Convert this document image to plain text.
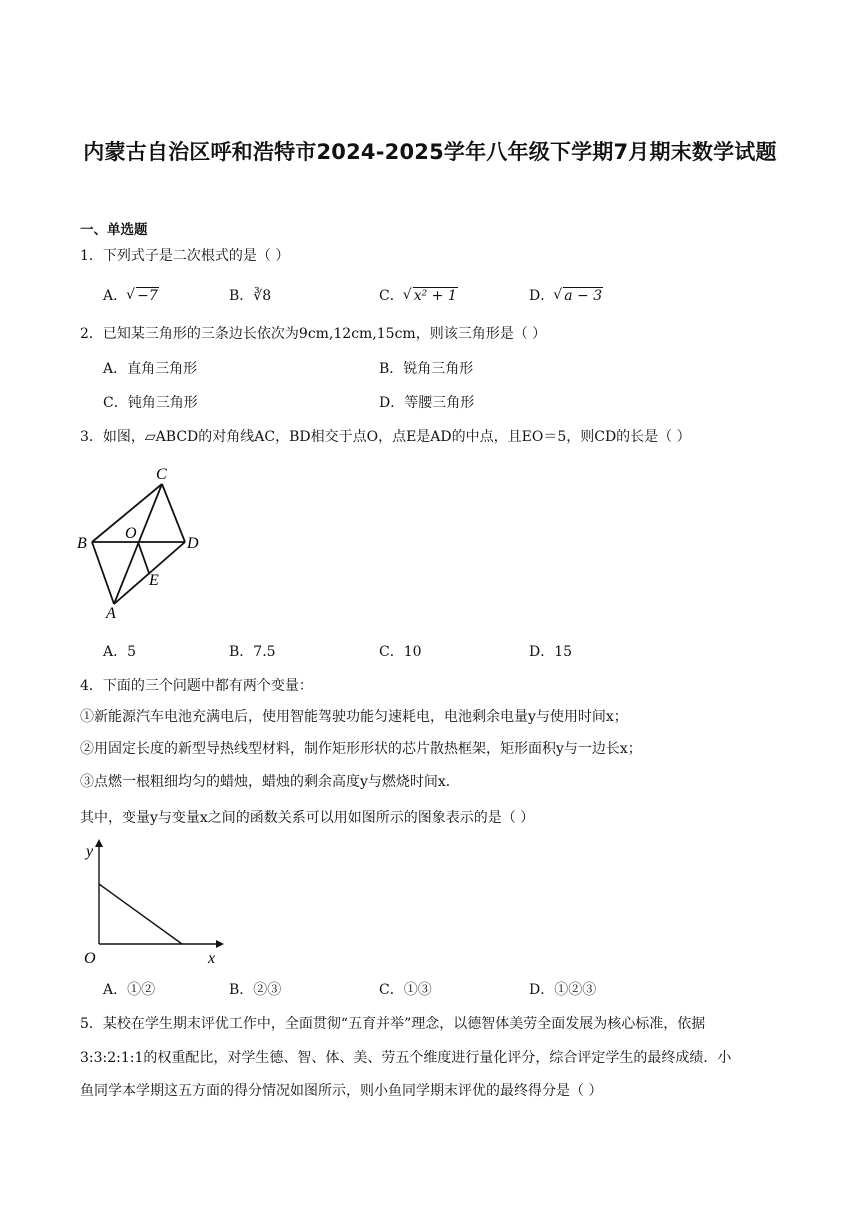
内蒙古自治区呼和浩特市2024-2025学年八年级下学期7月期末数学试题
一、单选题
1．下列式子是二次根式的是（ ）
A． √ −7	B．∛8	C． √ x² + 1	D． √ a − 3
2．已知某三角形的三条边长依次为9cm,12cm,15cm，则该三角形是（ ）
A．直角三角形	B．锐角三角形
C．钝角三角形	D．等腰三角形
3．如图，▱ABCD的对角线AC，BD相交于点O，点E是AD的中点，且EO＝5，则CD的长是（ ）
C
B
O
D
E
A
A．5	B．7.5	C．10	D．15
4．下面的三个问题中都有两个变量：
①新能源汽车电池充满电后，使用智能驾驶功能匀速耗电，电池剩余电量y与使用时间x；
②用固定长度的新型导热线型材料，制作矩形形状的芯片散热框架，矩形面积y与一边长x；
③点燃一根粗细均匀的蜡烛，蜡烛的剩余高度y与燃烧时间x．
其中，变量y与变量x之间的函数关系可以用如图所示的图象表示的是（ ）
y
x
O
A．①②	B．②③	C．①③	D．①②③
5．某校在学生期末评优工作中，全面贯彻“五育并举”理念，以德智体美劳全面发展为核心标准，依据
3:3:2:1:1的权重配比，对学生德、智、体、美、劳五个维度进行量化评分，综合评定学生的最终成绩．小
鱼同学本学期这五方面的得分情况如图所示，则小鱼同学期末评优的最终得分是（ ）
